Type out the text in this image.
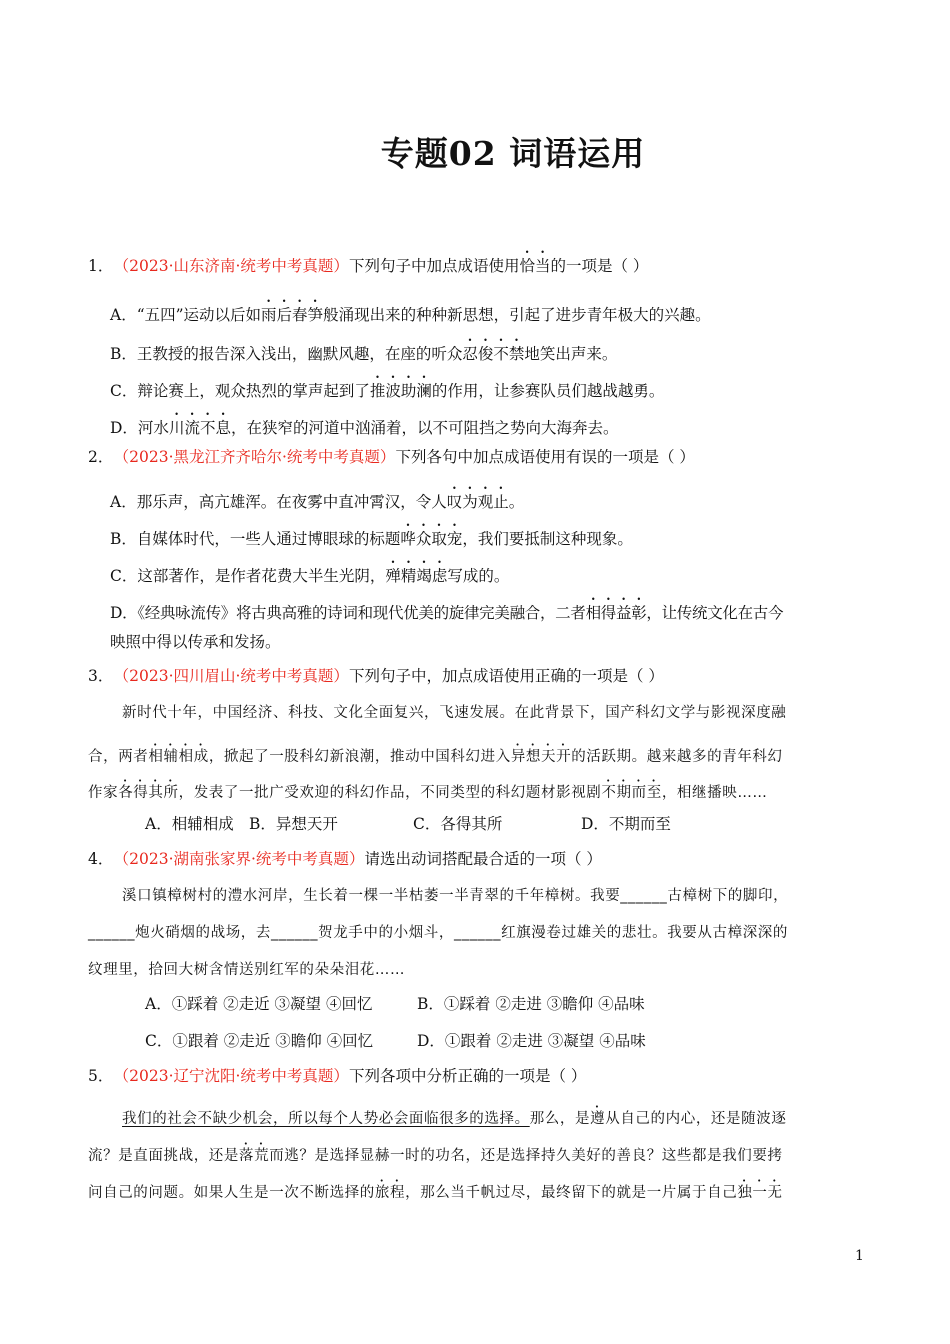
专题02 词语运用
1． （2023·山东济南·统考中考真题）下列句子中加点成语使用恰当的一项是（ ）
A．“五四”运动以后如雨后春笋般涌现出来的种种新思想，引起了进步青年极大的兴趣。
B．王教授的报告深入浅出，幽默风趣，在座的听众忍俊不禁地笑出声来。
C．辩论赛上，观众热烈的掌声起到了推波助澜的作用，让参赛队员们越战越勇。
D．河水川流不息，在狭窄的河道中汹涌着，以不可阻挡之势向大海奔去。
2． （2023·黑龙江齐齐哈尔·统考中考真题）下列各句中加点成语使用有误的一项是（ ）
A．那乐声，高亢雄浑。在夜雾中直冲霄汉，令人叹为观止。
B．自媒体时代，一些人通过博眼球的标题哗众取宠，我们要抵制这种现象。
C．这部著作，是作者花费大半生光阴，殚精竭虑写成的。
D．《经典咏流传》将古典高雅的诗词和现代优美的旋律完美融合，二者相得益彰，让传统文化在古今
映照中得以传承和发扬。
3． （2023·四川眉山·统考中考真题）下列句子中，加点成语使用正确的一项是（ ）
新时代十年，中国经济、科技、文化全面复兴，飞速发展。在此背景下，国产科幻文学与影视深度融
合，两者相辅相成，掀起了一股科幻新浪潮，推动中国科幻进入异想天开的活跃期。越来越多的青年科幻
作家各得其所，发表了一批广受欢迎的科幻作品，不同类型的科幻题材影视剧不期而至，相继播映……
A．相辅相成 B．异想天开	C．各得其所	D．不期而至
4． （2023·湖南张家界·统考中考真题）请选出动词搭配最合适的一项（ ）
溪口镇樟树村的澧水河岸，生长着一棵一半枯萎一半青翠的千年樟树。我要______古樟树下的脚印，
______炮火硝烟的战场，去______贺龙手中的小烟斗，______红旗漫卷过雄关的悲壮。我要从古樟深深的
纹理里，拾回大树含情送别红军的朵朵泪花……
A．①踩着 ②走近 ③凝望 ④回忆	B．①踩着 ②走进 ③瞻仰 ④品味
C．①跟着 ②走近 ③瞻仰 ④回忆	D．①跟着 ②走进 ③凝望 ④品味
5． （2023·辽宁沈阳·统考中考真题）下列各项中分析正确的一项是（ ）
我们的社会不缺少机会，所以每个人势必会面临很多的选择。那么，是遵从自己的内心，还是随波逐
流？是直面挑战，还是落荒而逃？是选择显赫一时的功名，还是选择持久美好的善良？这些都是我们要拷
问自己的问题。如果人生是一次不断选择的旅程，那么当千帆过尽，最终留下的就是一片属于自己独一无
1
